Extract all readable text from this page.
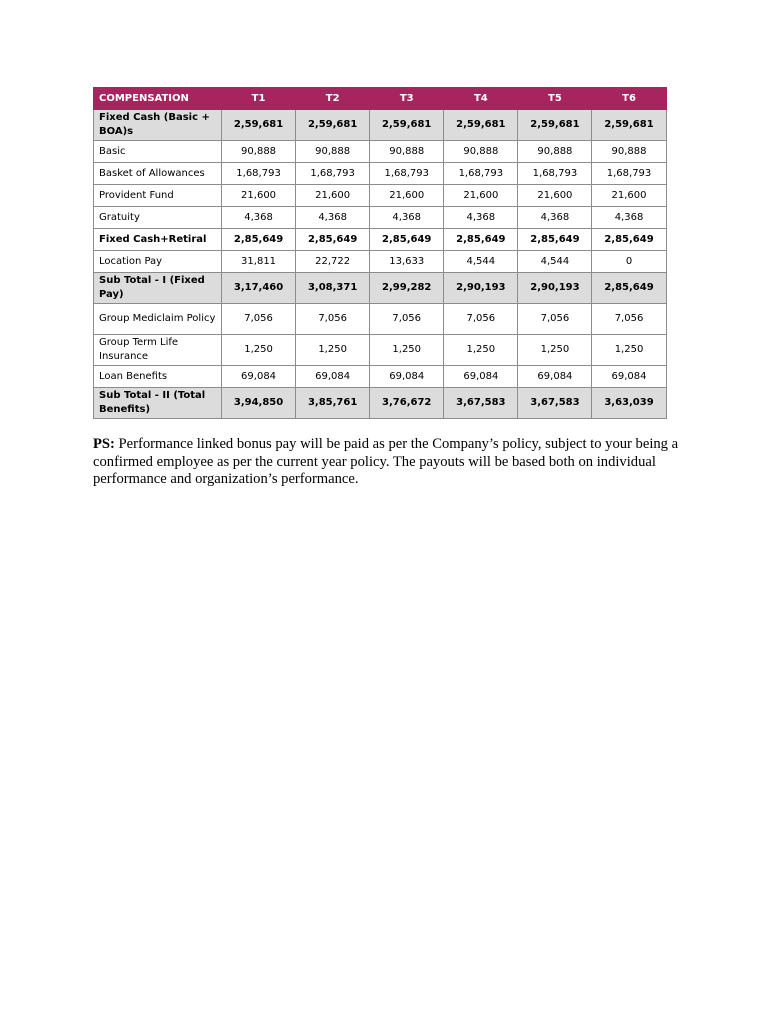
COMPENSATION	T1	T2	T3	T4	T5	T6
Fixed Cash (Basic + BOA)s	2,59,681	2,59,681	2,59,681	2,59,681	2,59,681	2,59,681
Basic	90,888	90,888	90,888	90,888	90,888	90,888
Basket of Allowances	1,68,793	1,68,793	1,68,793	1,68,793	1,68,793	1,68,793
Provident Fund	21,600	21,600	21,600	21,600	21,600	21,600
Gratuity	4,368	4,368	4,368	4,368	4,368	4,368
Fixed Cash+Retiral	2,85,649	2,85,649	2,85,649	2,85,649	2,85,649	2,85,649
Location Pay	31,811	22,722	13,633	4,544	4,544	0
Sub Total - I (Fixed Pay)	3,17,460	3,08,371	2,99,282	2,90,193	2,90,193	2,85,649
Group Mediclaim Policy	7,056	7,056	7,056	7,056	7,056	7,056
Group Term Life Insurance	1,250	1,250	1,250	1,250	1,250	1,250
Loan Benefits	69,084	69,084	69,084	69,084	69,084	69,084
Sub Total - II (Total Benefits)	3,94,850	3,85,761	3,76,672	3,67,583	3,67,583	3,63,039

PS: Performance linked bonus pay will be paid as per the Company’s policy, subject to your being a confirmed employee as per the current year policy. The payouts will be based both on individual performance and organization’s performance.
